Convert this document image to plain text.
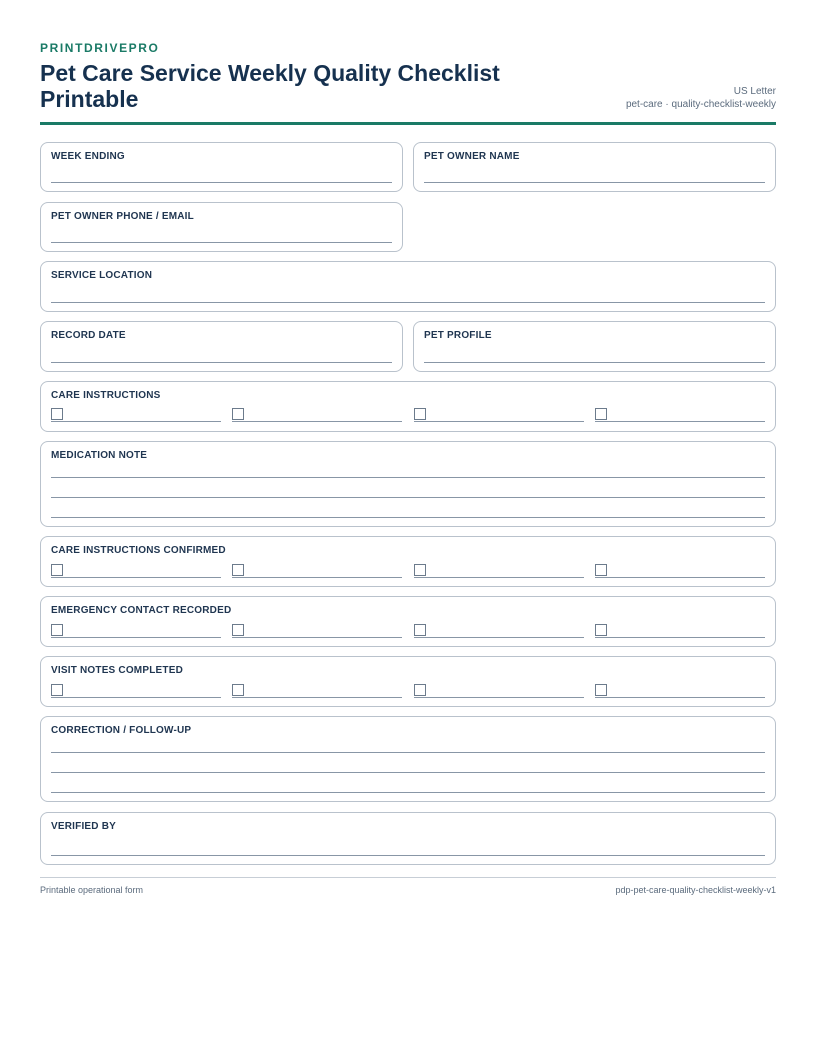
PRINTDRIVEPRO
Pet Care Service Weekly Quality Checklist Printable	US Letter
pet-care · quality-checklist-weekly
WEEK ENDING	PET OWNER NAME
PET OWNER PHONE / EMAIL
SERVICE LOCATION
RECORD DATE	PET PROFILE
CARE INSTRUCTIONS
MEDICATION NOTE
CARE INSTRUCTIONS CONFIRMED
EMERGENCY CONTACT RECORDED
VISIT NOTES COMPLETED
CORRECTION / FOLLOW-UP
VERIFIED BY
Printable operational form	pdp-pet-care-quality-checklist-weekly-v1
